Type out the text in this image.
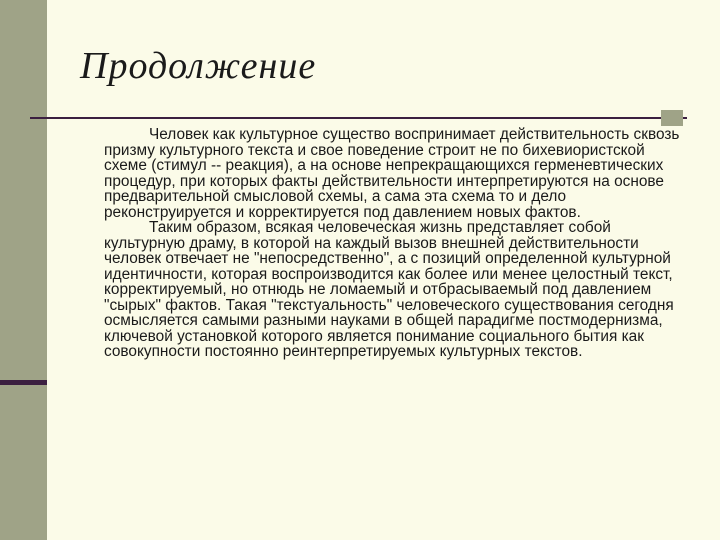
Продолжение

Человек как культурное существо воспринимает действительность сквозь призму культурного текста и свое поведение строит не по бихевиористской схеме (стимул -- реакция), а на основе непрекращающихся герменевтических процедур, при которых факты действительности интерпретируются на основе предварительной смысловой схемы, а сама эта схема то и дело реконструируется и корректируется под давлением новых фактов.

Таким образом, всякая человеческая жизнь представляет собой культурную драму, в которой на каждый вызов внешней действительности человек отвечает не "непосредственно", а с позиций определенной культурной идентичности, которая воспроизводится как более или менее целостный текст, корректируемый, но отнюдь не ломаемый и отбрасываемый под давлением "сырых" фактов. Такая "текстуальность" человеческого существования сегодня осмысляется самыми разными науками в общей парадигме постмодернизма, ключевой установкой которого является понимание социального бытия как совокупности постоянно реинтерпретируемых культурных текстов.
